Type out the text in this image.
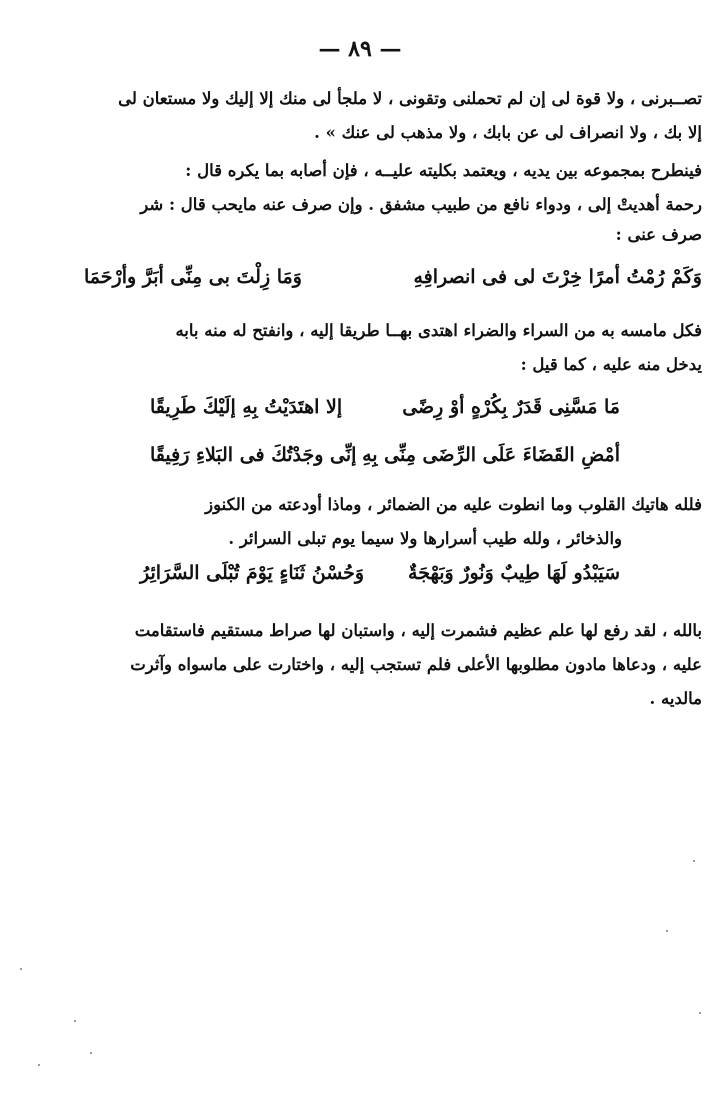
— ٨٩ —
تصــبرنى ، ولا قوة لى إن لم تحملنى وتقونى ، لا ملجأ لى منك إلا إليك ولا مستعان لى
إلا بك ، ولا انصراف لى عن بابك ، ولا مذهب لى عنك » .
فينطرح بمجموعه بين يديه ، ويعتمد بكليته عليــه ، فإن أصابه بما يكره قال :
رحمة أهديتْ إلى ، ودواء نافع من طبيب مشفق . وإن صرف عنه مايحب قال : شر
صرف عنى :
وَكَمْ رُمْتُ أمرًا خِرْتَ لى فى انصرافِهِ
وَمَا زِلْتَ بى مِنِّى أبَرَّ وأرْحَمَا
فكل مامسه به من السراء والضراء اهتدى بهــا طريقا إليه ، وانفتح له منه بابه
يدخل منه عليه ، كما قيل :
مَا مَسَّنِى قَدَرٌ بِكُرْهٍ أوْ رِضًى
إلا اهتَدَيْتُ بِهِ إلَيْكَ طَرِيقًا
أمْضِ القَضَاءَ عَلَى الرِّضَى مِنِّى بِهِ
إنِّى وجَدْتُكَ فى البَلاءِ رَفِيقًا
فلله هاتيك القلوب وما انطوت عليه من الضمائر ، وماذا أودعته من الكنوز
والذخائر ، ولله طيب أسرارها ولا سيما يوم تبلى السرائر .
سَيَبْدُو لَهَا طِيبٌ وَنُورٌ وَبَهْجَةٌ
وَحُسْنُ ثَنَاءٍ يَوْمَ تُبْلَى السَّرَائِرُ
بالله ، لقد رفع لها علم عظيم فشمرت إليه ، واستبان لها صراط مستقيم فاستقامت
عليه ، ودعاها مادون مطلوبها الأعلى فلم تستجب إليه ، واختارت على ماسواه وآثرت
مالديه .
